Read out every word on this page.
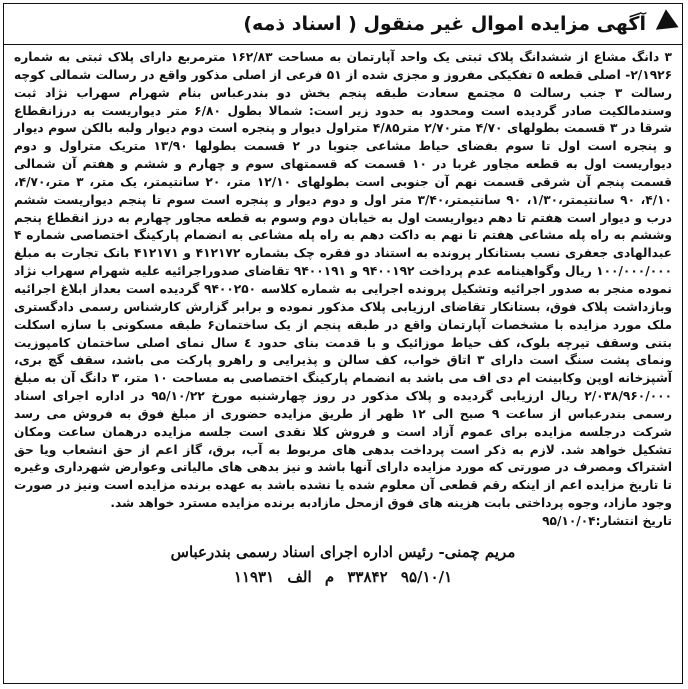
آگهی مزایده اموال غیر منقول ( اسناد ذمه)

۳ دانگ مشاع از ششدانگ پلاک ثبتی یک واحد آپارتمان به مساحت ۱۶۲/۸۳ مترمربع دارای پلاک ثبتی به شماره ۲/۱۹۲۶- اصلی قطعه ۵ تفکیکی مفروز و مجزی شده از ۵۱ فرعی از اصلی مذکور واقع در رسالت شمالی کوچه رسالت ۳ جنب رسالت ۵ مجتمع سعادت طبقه پنجم بخش دو بندرعباس بنام شهرام سهراب نژاد ثبت وسندمالکیت صادر گردیده است ومحدود به حدود زیر است: شمالا بطول ۶/۸۰ متر دیواریست به درزانقطاع شرقا در ۳ قسمت بطولهای ۴/۷۰ متر۲/۷۰ متر۴/۸۵ متراول دیوار و پنجره است دوم دیوار ولبه بالکن سوم دیوار و پنجره است اول تا سوم بفضای حیاط مشاعی جنوبا در ۲ قسمت بطولها ۱۳/۹۰ متریک متراول و دوم دیواریست اول به قطعه مجاور غربا در ۱۰ قسمت که قسمتهای سوم و چهارم و ششم و هفتم آن شمالی قسمت پنجم آن شرقی قسمت نهم آن جنوبی است بطولهای ۱۲/۱۰ متر، ۲۰ سانتیمتر، یک متر، ۳ متر،۴/۷۰، ۴/۱۰، ۹۰ سانتیمتر،۱/۳۰، ۹۰ سانتیمتر،۳/۴۰ متر اول و دوم دیوار و پنجره است سوم تا پنجم دیواریست ششم درب و دیوار است هفتم تا دهم دیواریست اول به خیابان دوم وسوم به قطعه مجاور چهارم به درز انقطاع پنجم وششم به راه پله مشاعی هفتم تا نهم به داکت دهم به راه پله مشاعی به انضمام پارکینگ اختصاصی شماره ۴ عبدالهادی جعفری نسب بستانکار پرونده به استناد دو فقره چک بشماره ۴۱۲۱۷۲ و ۴۱۲۱۷۱ بانک تجارت به مبلغ ۱۰۰/۰۰۰/۰۰۰ ریال وگواهینامه عدم پرداخت ۹۴۰۰۱۹۲ و ۹۴۰۰۱۹۱ تقاضای صدوراجرائیه علیه شهرام سهراب نژاد نموده منجر به صدور اجرائیه وتشکیل پرونده اجرایی به شماره کلاسه ۹۴۰۰۲۵۰ گردیده است بعداز ابلاغ اجرائیه وبازداشت پلاک فوق، بستانکار تقاضای ارزیابی پلاک مذکور نموده و برابر گزارش کارشناس رسمی دادگستری ملک مورد مزایده با مشخصات آپارتمان واقع در طبقه پنجم از یک ساختمان۶ طبقه مسکونی با سازه اسکلت بتنی وسقف تیرچه بلوک، کف حیاط موزائیک و با قدمت بنای حدود ٤ سال نمای اصلی ساختمان کامپوزیت ونمای پشت سنگ است دارای ۳ اتاق خواب، کف سالن و پذیرایی و راهرو پارکت می باشد، سقف گچ بری، آشپزخانه اوپن وکابینت ام دی اف می باشد به انضمام پارکینگ اختصاصی به مساحت ۱۰ متر، ۳ دانگ آن به مبلغ ۲/۰۳۸/۹۶۰/۰۰۰ ریال ارزیابی گردیده و پلاک مذکور در روز چهارشنبه مورخ ۹۵/۱۰/۲۲ در اداره اجرای اسناد رسمی بندرعباس از ساعت ۹ صبح الی ۱۲ ظهر از طریق مزایده حضوری از مبلغ فوق به فروش می رسد شرکت درجلسه مزایده برای عموم آزاد است و فروش کلا نقدی است جلسه مزایده درهمان ساعت ومکان تشکیل خواهد شد. لازم به ذکر است پرداخت بدهی های مربوط به آب، برق، گاز اعم از حق انشعاب ویا حق اشتراک ومصرف در صورتی که مورد مزایده دارای آنها باشد و نیز بدهی های مالیاتی وعوارض شهرداری وغیره تا تاریخ مزایده اعم از اینکه رقم قطعی آن معلوم شده یا نشده باشد به عهده برنده مزایده است ونیز در صورت وجود مازاد، وجوه پرداختی بابت هزینه های فوق ازمحل مازادبه برنده مزایده مسترد خواهد شد.

تاریخ انتشار:۹۵/۱۰/۰۴

مریم چمنی- رئیس اداره اجرای اسناد رسمی بندرعباس
۹۵/۱۰/۱ ۳۳۸۴۲ م الف ۱۱۹۳۱
